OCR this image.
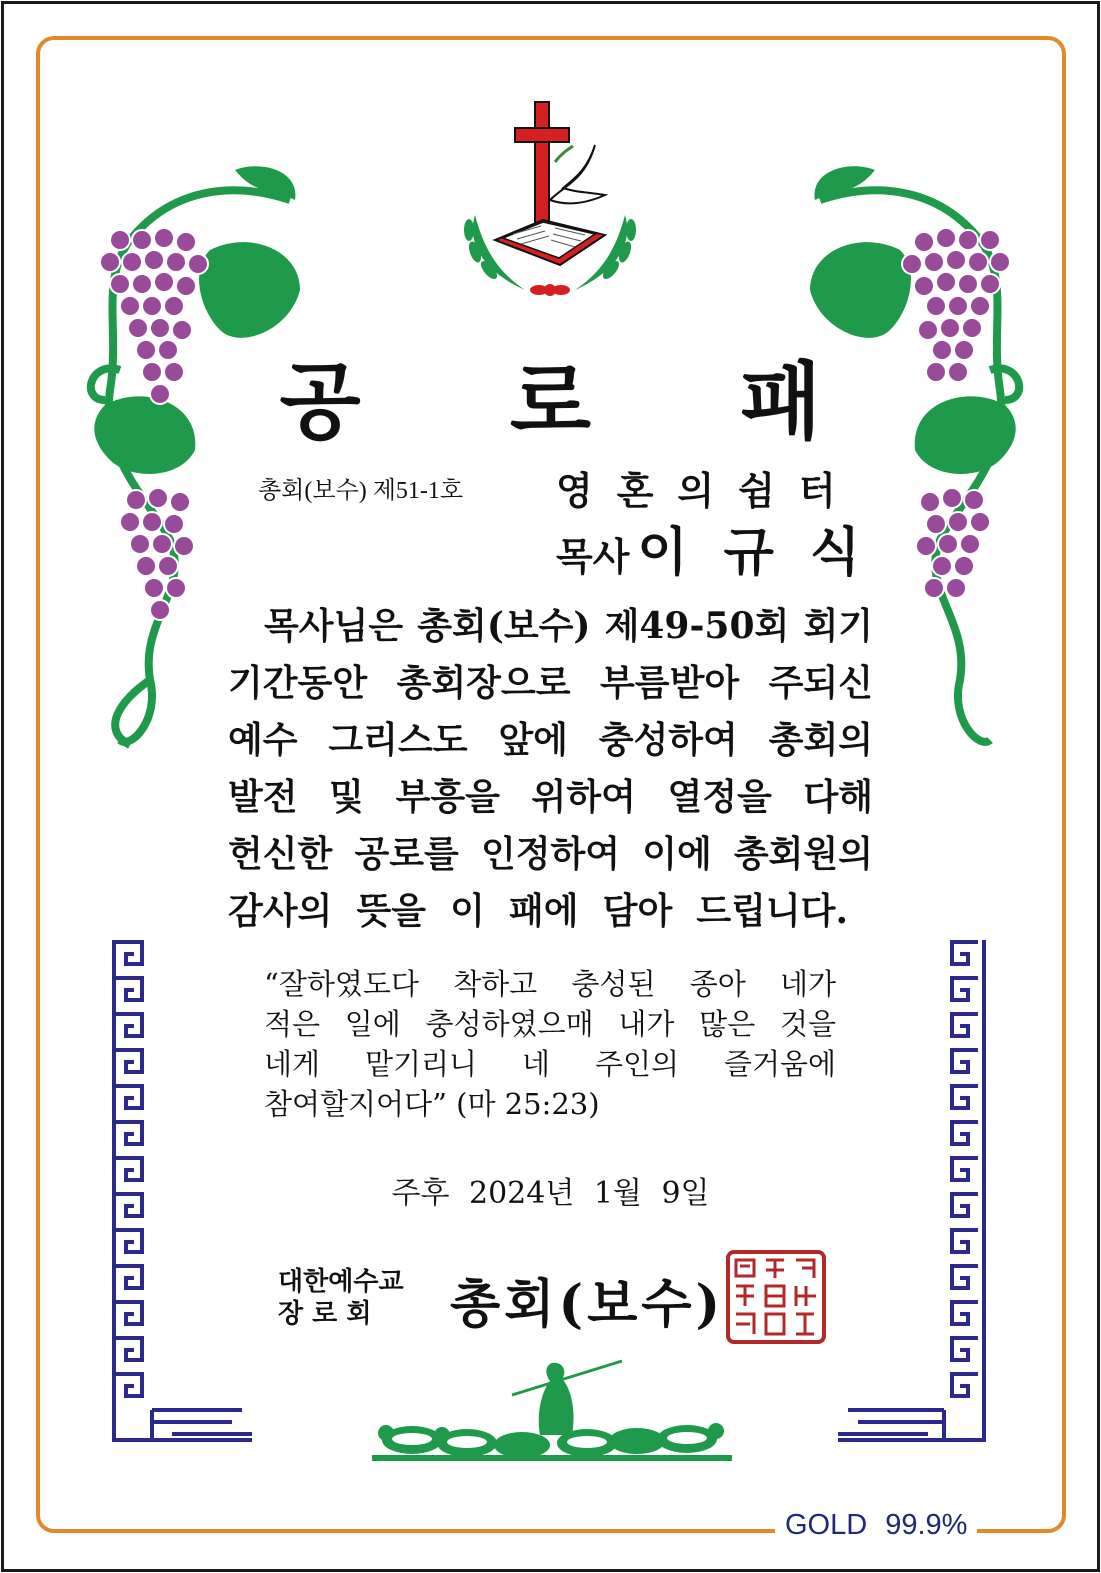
공 로 패
총회(보수) 제51-1호 영혼의쉼터
목사 이규식
목사님은 총회(보수) 제49-50회 회기
기간동안 총회장으로 부름받아 주되신
예수 그리스도 앞에 충성하여 총회의
발전 및 부흥을 위하여 열정을 다해
헌신한 공로를 인정하여 이에 총회원의
감사의 뜻을 이 패에 담아 드립니다.
“잘하였도다 착하고 충성된 종아 네가
적은 일에 충성하였으매 내가 많은 것을
네게 맡기리니 네 주인의 즐거움에
참여할지어다” (마 25:23)
주후 2024년 1월 9일
대한예수교
장 로 회	총회(보수)
GOLD 99.9%
